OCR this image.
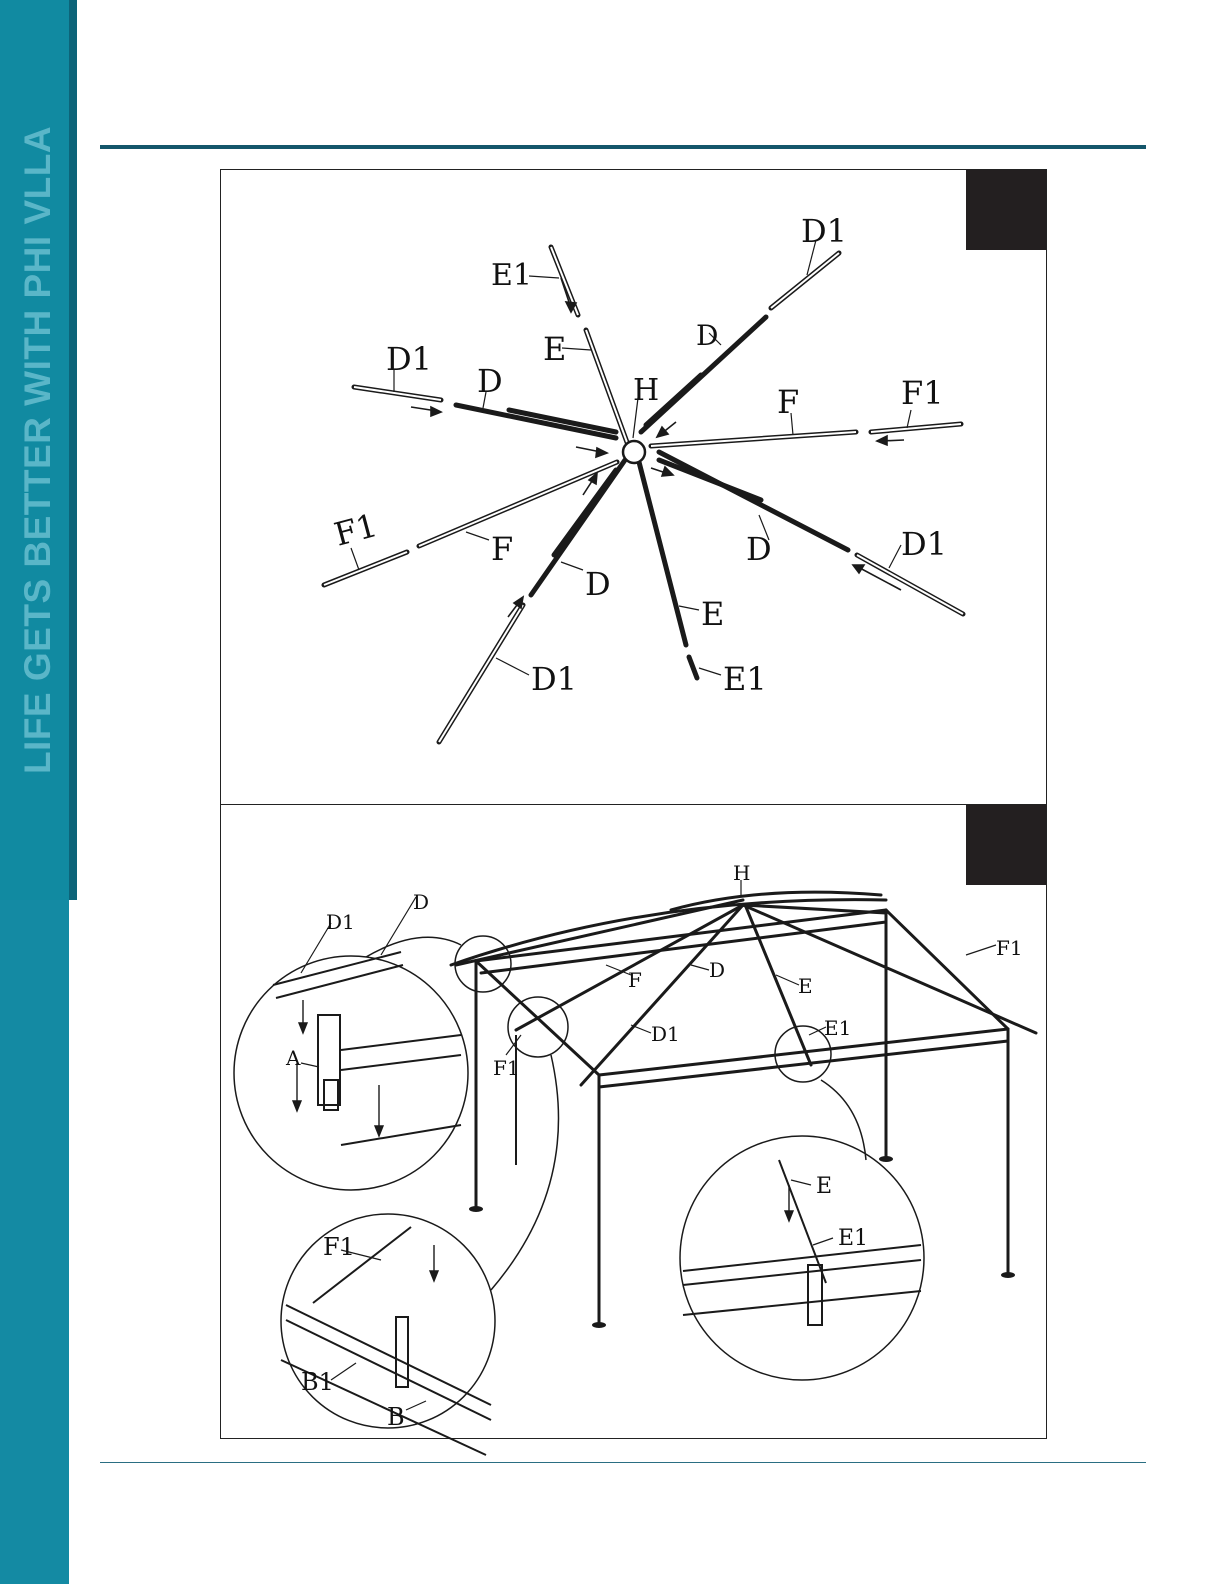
LIFE GETS BETTER WITH PHI VLLA	E1
D1
D
E
H
D1
D
F	F1
F1	F
D
D	D1
E
D1	E1
H
F1
F	D
E
E1
D1
F1
D1
D
A
F1
B1
B
E
E1
